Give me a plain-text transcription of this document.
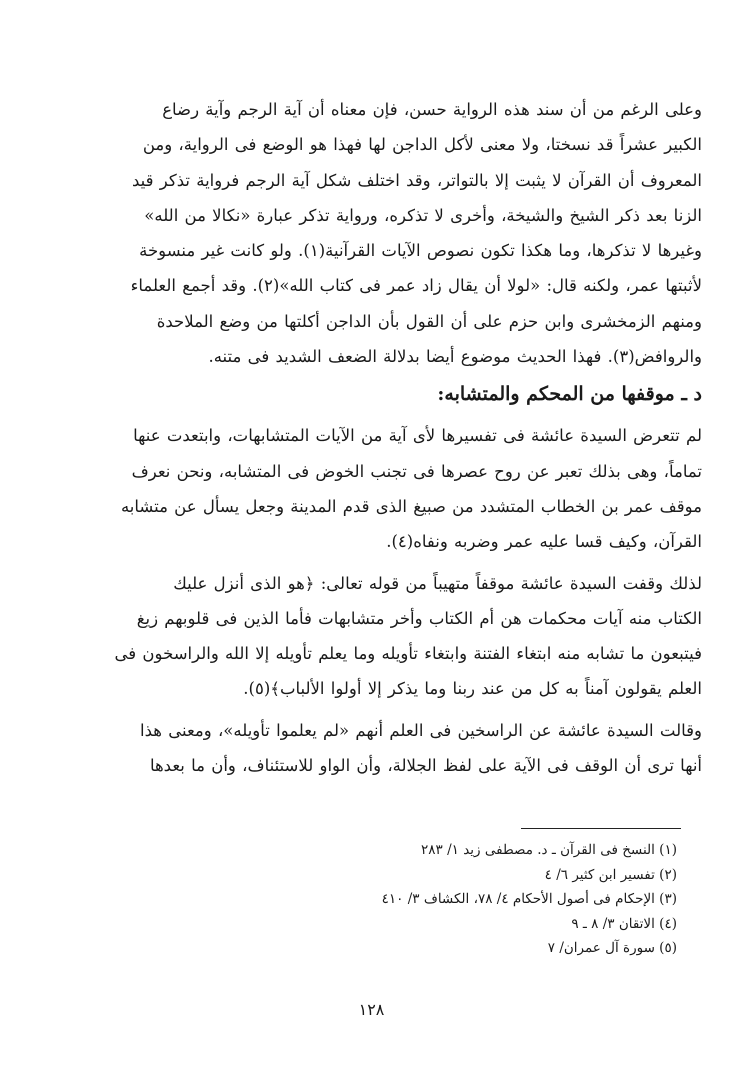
وعلى الرغم من أن سند هذه الرواية حسن، فإن معناه أن آية الرجم وآية رضاع
الكبير عشراً قد نسختا، ولا معنى لأكل الداجن لها فهذا هو الوضع فى الرواية، ومن
المعروف أن القرآن لا يثبت إلا بالتواتر، وقد اختلف شكل آية الرجم فرواية تذكر قيد
الزنا بعد ذكر الشيخ والشيخة، وأخرى لا تذكره، ورواية تذكر عبارة «نكالا من الله»
وغيرها لا تذكرها، وما هكذا تكون نصوص الآيات القرآنية(١). ولو كانت غير منسوخة
لأثبتها عمر، ولكنه قال: «لولا أن يقال زاد عمر فى كتاب الله»(٢). وقد أجمع العلماء
ومنهم الزمخشرى وابن حزم على أن القول بأن الداجن أكلتها من وضع الملاحدة
والروافض(٣). فهذا الحديث موضوع أيضا بدلالة الضعف الشديد فى متنه.

د ـ موقفها من المحكم والمتشابه:

لم تتعرض السيدة عائشة فى تفسيرها لأى آية من الآيات المتشابهات، وابتعدت عنها
تماماً، وهى بذلك تعبر عن روح عصرها فى تجنب الخوض فى المتشابه، ونحن نعرف
موقف عمر بن الخطاب المتشدد من صبيغ الذى قدم المدينة وجعل يسأل عن متشابه
القرآن، وكيف قسا عليه عمر وضربه ونفاه(٤).

لذلك وقفت السيدة عائشة موقفاً متهيباً من قوله تعالى: ﴿هو الذى أنزل عليك
الكتاب منه آيات محكمات هن أم الكتاب وأخر متشابهات فأما الذين فى قلوبهم زيغ
فيتبعون ما تشابه منه ابتغاء الفتنة وابتغاء تأويله وما يعلم تأويله إلا الله والراسخون فى
العلم يقولون آمناً به كل من عند ربنا وما يذكر إلا أولوا الألباب﴾(٥).

وقالت السيدة عائشة عن الراسخين فى العلم أنهم «لم يعلموا تأويله»، ومعنى هذا
أنها ترى أن الوقف فى الآية على لفظ الجلالة، وأن الواو للاستئناف، وأن ما بعدها

(١) النسخ فى القرآن ـ د. مصطفى زيد ١/ ٢٨٣
(٢) تفسير ابن كثير ٦/ ٤
(٣) الإحكام فى أصول الأحكام ٤/ ٧٨، الكشاف ٣/ ٤١٠
(٤) الاتقان ٣/ ٨ ـ ٩
(٥) سورة آل عمران/ ٧
١٢٨
